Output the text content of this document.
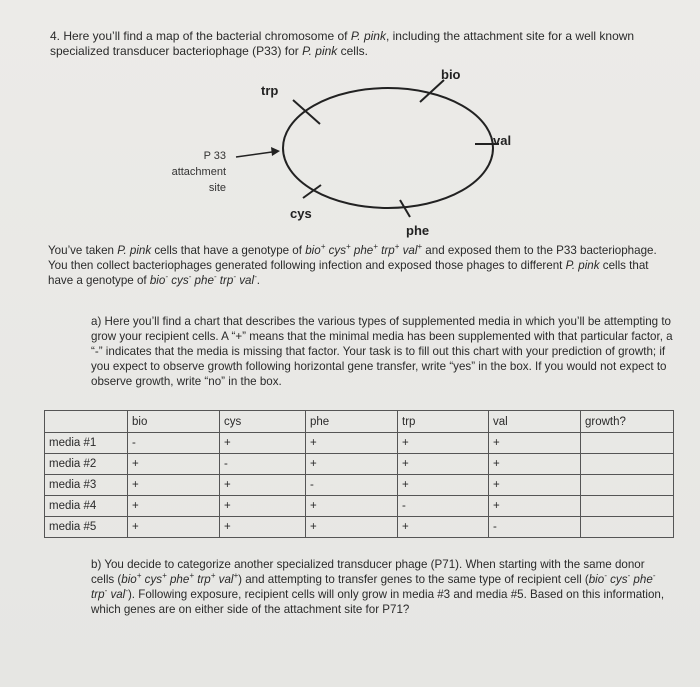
4. Here you’ll find a map of the bacterial chromosome of P. pink, including the attachment site for a well known specialized transducer bacteriophage (P33) for P. pink cells.
trp
bio
val
cys
phe
P 33
attachment
site
You’ve taken P. pink cells that have a genotype of bio+ cys+ phe+ trp+ val+ and exposed them to the P33 bacteriophage. You then collect bacteriophages generated following infection and exposed those phages to different P. pink cells that have a genotype of bio- cys- phe- trp- val-.
a) Here you’ll find a chart that describes the various types of supplemented media in which you’ll be attempting to grow your recipient cells. A “+” means that the minimal media has been supplemented with that particular factor, a “-” indicates that the media is missing that factor. Your task is to fill out this chart with your prediction of growth; if you expect to observe growth following horizontal gene transfer, write “yes” in the box. If you would not expect to observe growth, write “no” in the box.
	bio	cys	phe	trp	val	growth?
media #1	-	+	+	+	+	
media #2	+	-	+	+	+	
media #3	+	+	-	+	+	
media #4	+	+	+	-	+	
media #5	+	+	+	+	-	
b) You decide to categorize another specialized transducer phage (P71). When starting with the same donor cells (bio+ cys+ phe+ trp+ val+) and attempting to transfer genes to the same type of recipient cell (bio- cys- phe- trp- val-). Following exposure, recipient cells will only grow in media #3 and media #5. Based on this information, which genes are on either side of the attachment site for P71?
